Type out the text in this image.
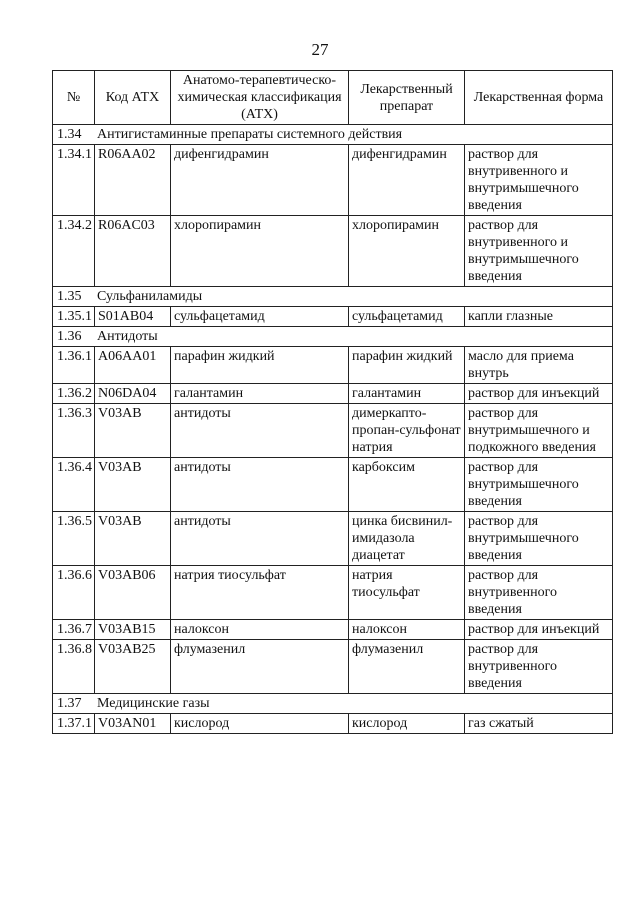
27
№	Код АТХ	Анатомо-терапевтическо-химическая классификация (АТХ)	Лекарственный препарат	Лекарственная форма
1.34 Антигистаминные препараты системного действия				
1.34.1	R06AA02	дифенгидрамин	дифенгидрамин	раствор для внутривенного и внутримышечного введения
1.34.2	R06AC03	хлоропирамин	хлоропирамин	раствор для внутривенного и внутримышечного введения
1.35 Сульфаниламиды				
1.35.1	S01AB04	сульфацетамид	сульфацетамид	капли глазные
1.36 Антидоты				
1.36.1	A06AA01	парафин жидкий	парафин жидкий	масло для приема внутрь
1.36.2	N06DA04	галантамин	галантамин	раствор для инъекций
1.36.3	V03AB	антидоты	димеркапто-пропан-сульфонат натрия	раствор для внутримышечного и подкожного введения
1.36.4	V03AB	антидоты	карбоксим	раствор для внутримышечного введения
1.36.5	V03AB	антидоты	цинка бисвинил-имидазола диацетат	раствор для внутримышечного введения
1.36.6	V03AB06	натрия тиосульфат	натрия тиосульфат	раствор для внутривенного введения
1.36.7	V03AB15	налоксон	налоксон	раствор для инъекций
1.36.8	V03AB25	флумазенил	флумазенил	раствор для внутривенного введения
1.37 Медицинские газы				
1.37.1	V03AN01	кислород	кислород	газ сжатый
